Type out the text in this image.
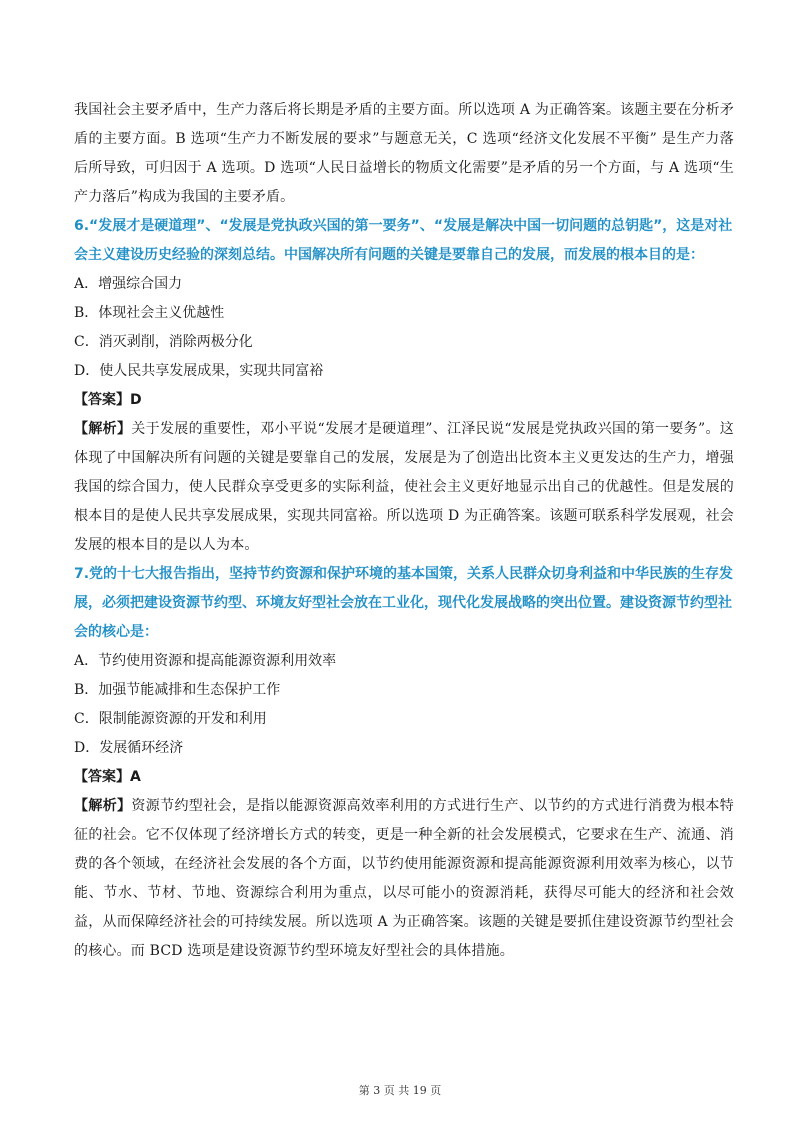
我国社会主要矛盾中，生产力落后将长期是矛盾的主要方面。所以选项 A 为正确答案。该题主要在分析矛盾的主要方面。B 选项“生产力不断发展的要求”与题意无关，C 选项“经济文化发展不平衡” 是生产力落后所导致，可归因于 A 选项。D 选项“人民日益增长的物质文化需要”是矛盾的另一个方面，与 A 选项“生产力落后”构成为我国的主要矛盾。

6.“发展才是硬道理”、“发展是党执政兴国的第一要务”、“发展是解决中国一切问题的总钥匙”，这是对社会主义建设历史经验的深刻总结。中国解决所有问题的关键是要靠自己的发展，而发展的根本目的是：

A．增强综合国力

B．体现社会主义优越性

C．消灭剥削，消除两极分化

D．使人民共享发展成果，实现共同富裕

【答案】D

【解析】关于发展的重要性，邓小平说“发展才是硬道理”、江泽民说“发展是党执政兴国的第一要务”。这体现了中国解决所有问题的关键是要靠自己的发展，发展是为了创造出比资本主义更发达的生产力，增强我国的综合国力，使人民群众享受更多的实际利益，使社会主义更好地显示出自己的优越性。但是发展的根本目的是使人民共享发展成果，实现共同富裕。所以选项 D 为正确答案。该题可联系科学发展观，社会发展的根本目的是以人为本。

7.党的十七大报告指出，坚持节约资源和保护环境的基本国策，关系人民群众切身利益和中华民族的生存发展，必须把建设资源节约型、环境友好型社会放在工业化，现代化发展战略的突出位置。建设资源节约型社会的核心是：

A．节约使用资源和提高能源资源利用效率

B．加强节能减排和生态保护工作

C．限制能源资源的开发和利用

D．发展循环经济

【答案】A

【解析】资源节约型社会，是指以能源资源高效率利用的方式进行生产、以节约的方式进行消费为根本特征的社会。它不仅体现了经济增长方式的转变，更是一种全新的社会发展模式，它要求在生产、流通、消费的各个领域，在经济社会发展的各个方面，以节约使用能源资源和提高能源资源利用效率为核心，以节能、节水、节材、节地、资源综合利用为重点，以尽可能小的资源消耗，获得尽可能大的经济和社会效益，从而保障经济社会的可持续发展。所以选项 A 为正确答案。该题的关键是要抓住建设资源节约型社会的核心。而 BCD 选项是建设资源节约型环境友好型社会的具体措施。

第 3 页 共 19 页
